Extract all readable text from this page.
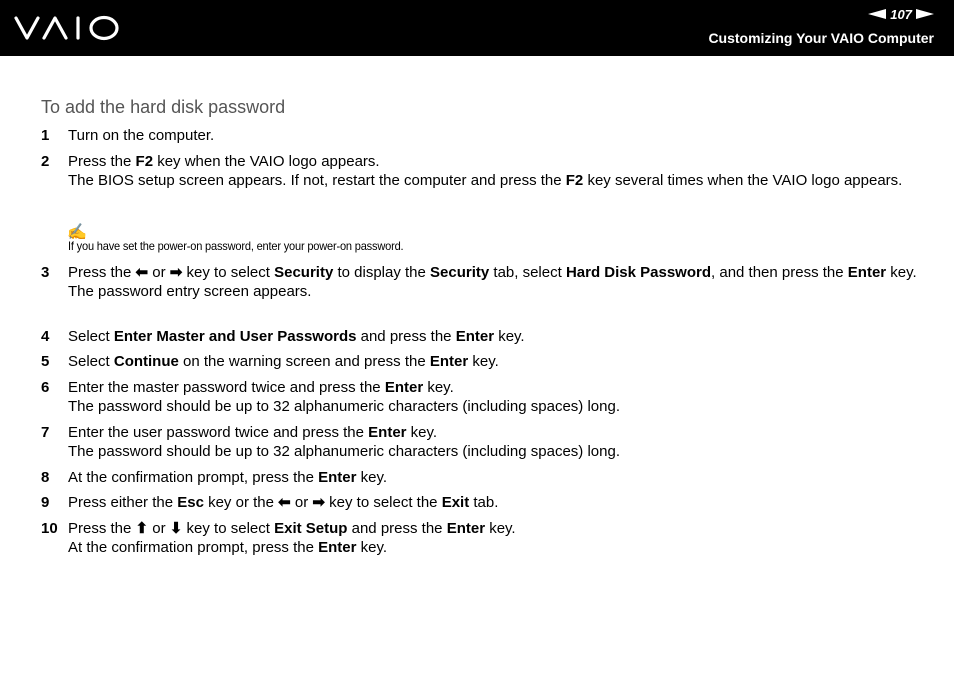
107
Customizing Your VAIO Computer
To add the hard disk password
1 Turn on the computer.
2 Press the F2 key when the VAIO logo appears.
The BIOS setup screen appears. If not, restart the computer and press the F2 key several times when the VAIO logo appears.
3 Press the ⬅ or ➡ key to select Security to display the Security tab, select Hard Disk Password, and then press the Enter key.
The password entry screen appears.
4 Select Enter Master and User Passwords and press the Enter key.
5 Select Continue on the warning screen and press the Enter key.
6 Enter the master password twice and press the Enter key.
The password should be up to 32 alphanumeric characters (including spaces) long.
7 Enter the user password twice and press the Enter key.
The password should be up to 32 alphanumeric characters (including spaces) long.
8 At the confirmation prompt, press the Enter key.
9 Press either the Esc key or the ⬅ or ➡ key to select the Exit tab.
10 Press the ⬆ or ⬇ key to select Exit Setup and press the Enter key.
At the confirmation prompt, press the Enter key.
✍
If you have set the power-on password, enter your power-on password.
